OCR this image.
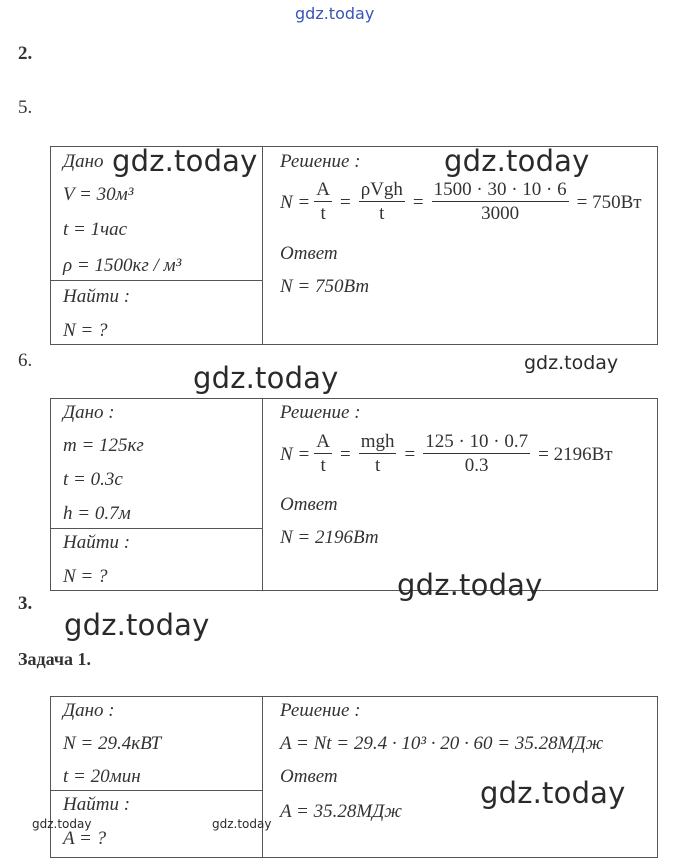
gdz.today
2.
5.
6.
3.
Задача 1.
Дано
V = 30м³
t = 1час
ρ = 1500кг / м³
Найти :
N = ?
Решение :
$N = \frac{A}{t} = \frac{\text{ρVgh}}{t} = \frac{1500 \cdot 30 \cdot 10 \cdot 6}{3000} = 750Вт$
Ответ
N = 750Вт
Дано :
m = 125кг
t = 0.3с
h = 0.7м
Найти :
N = ?
Решение :
$N = \frac{A}{t} = \frac{\text{mgh}}{t} = \frac{125 \cdot 10 \cdot 0.7}{0.3} = 2196Вт$
Ответ
N = 2196Вт
Дано :
N = 29.4кВТ
t = 20мин
Найти :
A = ?
Решение :
A = Nt = 29.4 · 10³ · 20 · 60 = 35.28МДж
Ответ
A = 35.28МДж
gdz.today	gdz.today
gdz.today
gdz.today
gdz.today
gdz.today
gdz.today
gdz.today	gdz.today
